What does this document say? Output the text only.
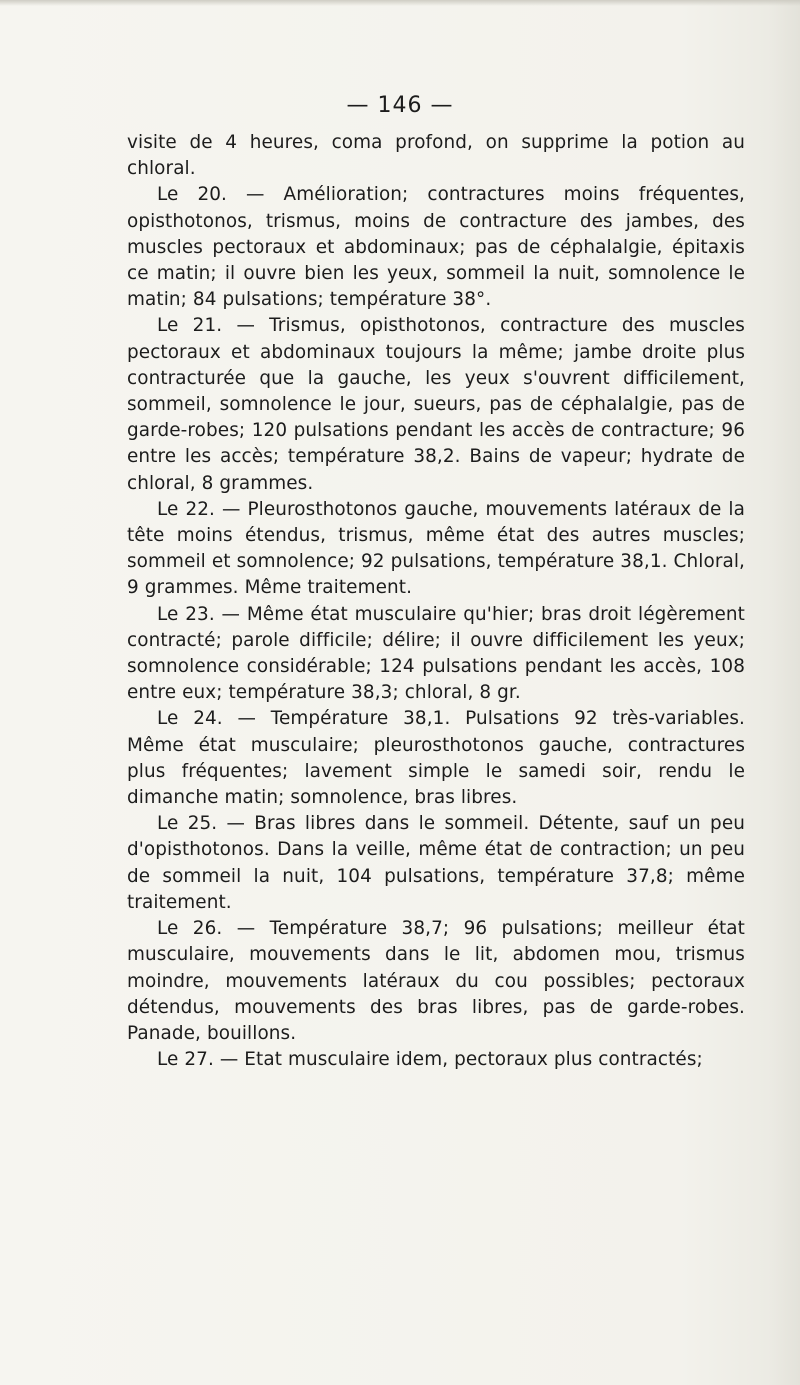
— 146 —

visite de 4 heures, coma profond, on supprime la potion au chloral.

Le 20. — Amélioration; contractures moins fréquentes, opisthotonos, trismus, moins de contracture des jambes, des muscles pectoraux et abdominaux; pas de céphalalgie, épitaxis ce matin; il ouvre bien les yeux, sommeil la nuit, somnolence le matin; 84 pulsations; température 38°.

Le 21. — Trismus, opisthotonos, contracture des muscles pectoraux et abdominaux toujours la même; jambe droite plus contracturée que la gauche, les yeux s'ouvrent difficilement, sommeil, somnolence le jour, sueurs, pas de céphalalgie, pas de garde-robes; 120 pulsations pendant les accès de contracture; 96 entre les accès; température 38,2. Bains de vapeur; hydrate de chloral, 8 grammes.

Le 22. — Pleurosthotonos gauche, mouvements latéraux de la tête moins étendus, trismus, même état des autres muscles; sommeil et somnolence; 92 pulsations, température 38,1. Chloral, 9 grammes. Même traitement.

Le 23. — Même état musculaire qu'hier; bras droit légèrement contracté; parole difficile; délire; il ouvre difficilement les yeux; somnolence considérable; 124 pulsations pendant les accès, 108 entre eux; température 38,3; chloral, 8 gr.

Le 24. — Température 38,1. Pulsations 92 très-variables. Même état musculaire; pleurosthotonos gauche, contractures plus fréquentes; lavement simple le samedi soir, rendu le dimanche matin; somnolence, bras libres.

Le 25. — Bras libres dans le sommeil. Détente, sauf un peu d'opisthotonos. Dans la veille, même état de contraction; un peu de sommeil la nuit, 104 pulsations, température 37,8; même traitement.

Le 26. — Température 38,7; 96 pulsations; meilleur état musculaire, mouvements dans le lit, abdomen mou, trismus moindre, mouvements latéraux du cou possibles; pectoraux détendus, mouvements des bras libres, pas de garde-robes. Panade, bouillons.

Le 27. — Etat musculaire idem, pectoraux plus contractés;
